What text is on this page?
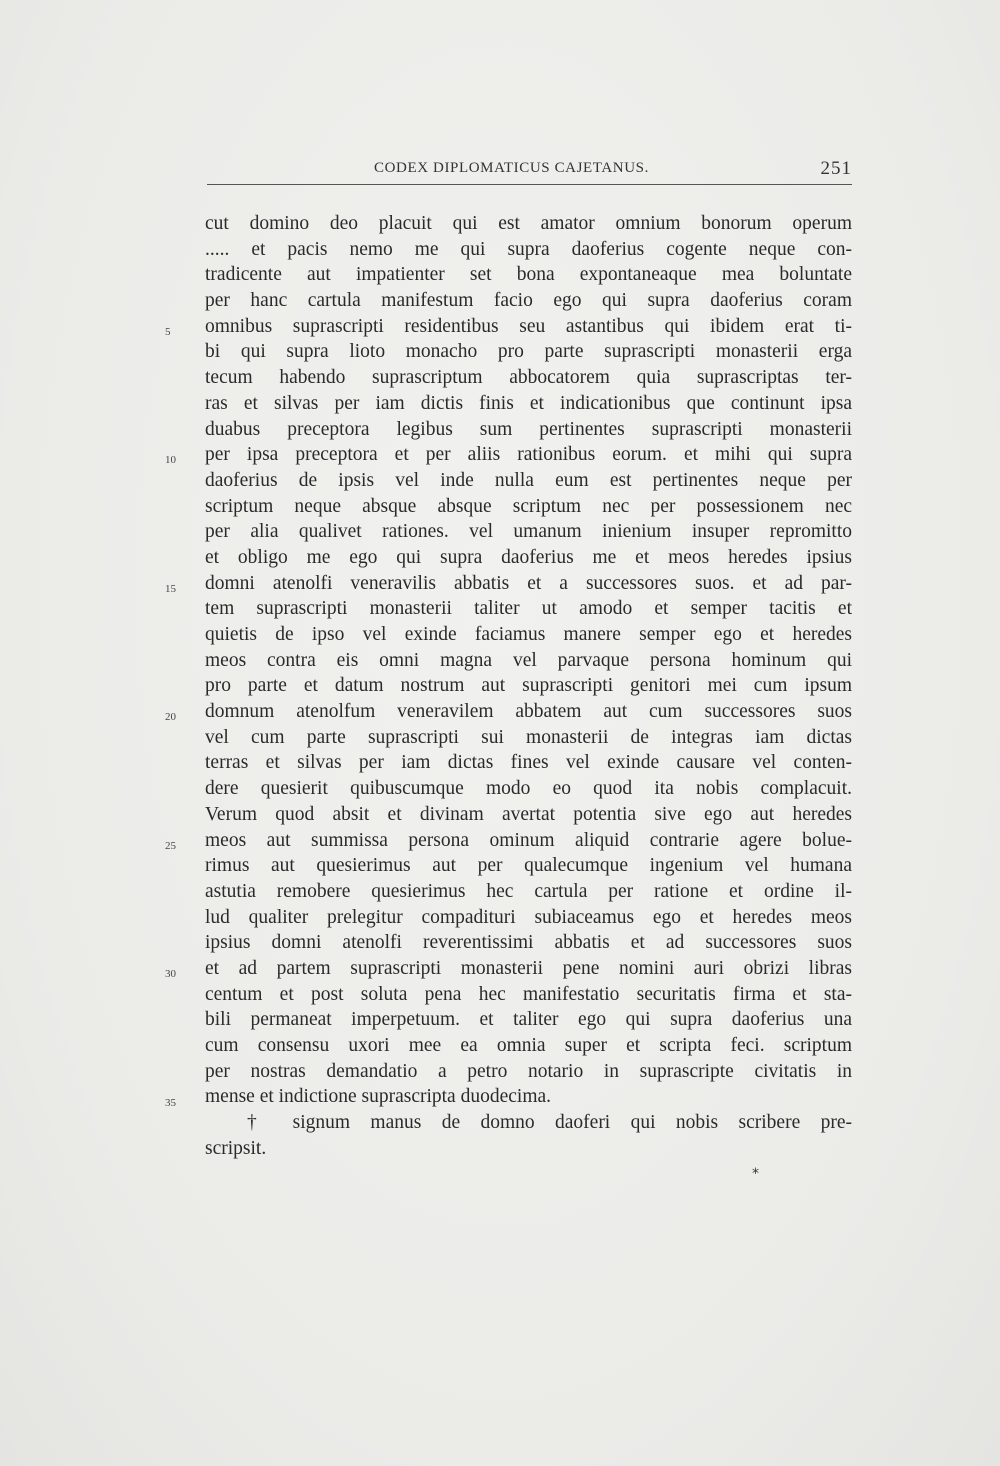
CODEX DIPLOMATICUS CAJETANUS.	251
5
10
15
20
25
30
35
cut domino deo placuit qui est amator omnium bonorum operum
..... et pacis nemo me qui supra daoferius cogente neque con-
tradicente aut impatienter set bona expontaneaque mea boluntate
per hanc cartula manifestum facio ego qui supra daoferius coram
omnibus suprascripti residentibus seu astantibus qui ibidem erat ti-
bi qui supra lioto monacho pro parte suprascripti monasterii erga
tecum habendo suprascriptum abbocatorem quia suprascriptas ter-
ras et silvas per iam dictis finis et indicationibus que continunt ipsa
duabus preceptora legibus sum pertinentes suprascripti monasterii
per ipsa preceptora et per aliis rationibus eorum. et mihi qui supra
daoferius de ipsis vel inde nulla eum est pertinentes neque per
scriptum neque absque absque scriptum nec per possessionem nec
per alia qualivet rationes. vel umanum inienium insuper repromitto
et obligo me ego qui supra daoferius me et meos heredes ipsius
domni atenolfi veneravilis abbatis et a successores suos. et ad par-
tem suprascripti monasterii taliter ut amodo et semper tacitis et
quietis de ipso vel exinde faciamus manere semper ego et heredes
meos contra eis omni magna vel parvaque persona hominum qui
pro parte et datum nostrum aut suprascripti genitori mei cum ipsum
domnum atenolfum veneravilem abbatem aut cum successores suos
vel cum parte suprascripti sui monasterii de integras iam dictas
terras et silvas per iam dictas fines vel exinde causare vel conten-
dere quesierit quibuscumque modo eo quod ita nobis complacuit.
Verum quod absit et divinam avertat potentia sive ego aut heredes
meos aut summissa persona ominum aliquid contrarie agere bolue-
rimus aut quesierimus aut per qualecumque ingenium vel humana
astutia remobere quesierimus hec cartula per ratione et ordine il-
lud qualiter prelegitur compadituri subiaceamus ego et heredes meos
ipsius domni atenolfi reverentissimi abbatis et ad successores suos
et ad partem suprascripti monasterii pene nomini auri obrizi libras
centum et post soluta pena hec manifestatio securitatis firma et sta-
bili permaneat imperpetuum. et taliter ego qui supra daoferius una
cum consensu uxori mee ea omnia super et scripta feci. scriptum
per nostras demandatio a petro notario in suprascripte civitatis in
mense et indictione suprascripta duodecima.
† signum manus de domno daoferi qui nobis scribere pre-
scripsit.
*
